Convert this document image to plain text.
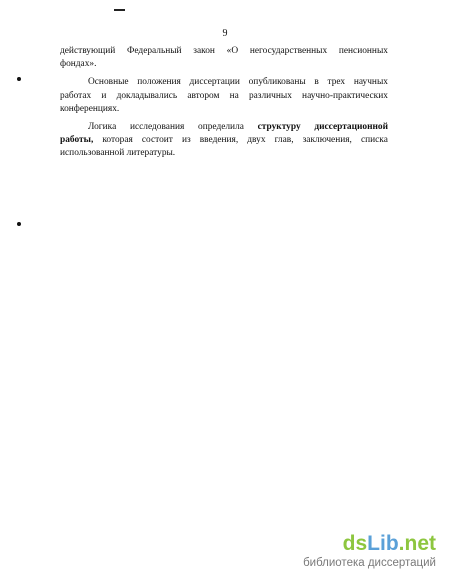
9
действующий Федеральный закон «О негосударственных пенсионных
фондах».
Основные положения диссертации опубликованы в трех научных
работах и докладывались автором на различных научно-практических
конференциях.
Логика исследования определила структуру диссертационной
работы, которая состоит из введения, двух глав, заключения, списка
использованной литературы.
dsLib.net
библиотека диссертаций
